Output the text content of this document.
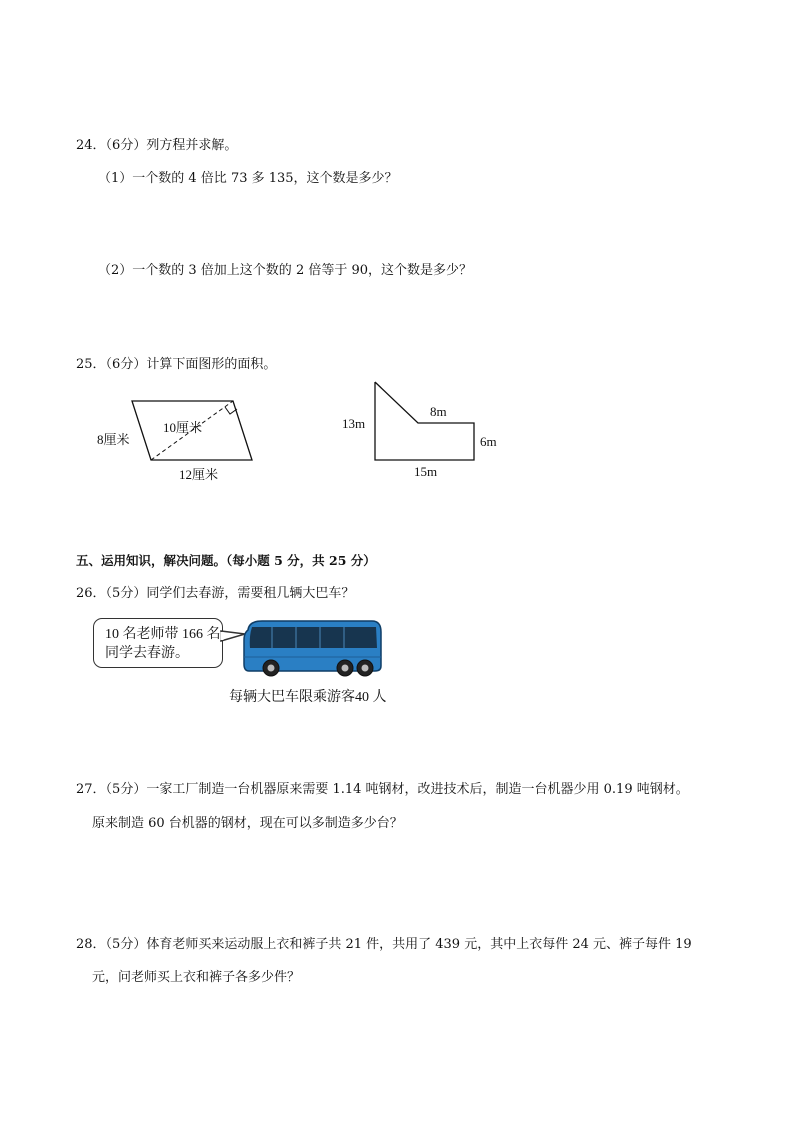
24．（6分）列方程并求解。
（1）一个数的 4 倍比 73 多 135，这个数是多少？
（2）一个数的 3 倍加上这个数的 2 倍等于 90，这个数是多少？
25．（6分）计算下面图形的面积。
8厘米
10厘米
12厘米
13m
8m
6m
15m
五、运用知识，解决问题。（每小题 5 分，共 25 分）
26．（5分）同学们去春游，需要租几辆大巴车？
10 名老师带 166 名
同学去春游。
每辆大巴车限乘游客40 人
27．（5分）一家工厂制造一台机器原来需要 1.14 吨钢材，改进技术后，制造一台机器少用 0.19 吨钢材。
原来制造 60 台机器的钢材，现在可以多制造多少台？
28．（5分）体育老师买来运动服上衣和裤子共 21 件，共用了 439 元，其中上衣每件 24 元、裤子每件 19
元，问老师买上衣和裤子各多少件？
